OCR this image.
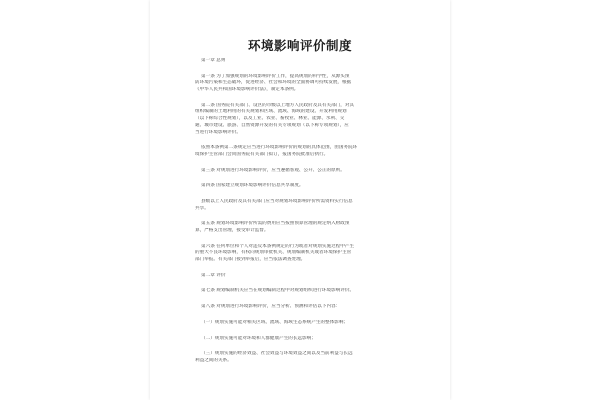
环境影响评价制度
第一章 总则
第一条 为了加强规划的环境影响评价工作，提高规划的科学性，从源头预
防环境污染和生态破坏，促进经济、社会和环境的全面协调可持续发展，根据
《中华人民共和国环境影响评价法》，制定本条例。
第二条 国务院有关部门、设区的市级以上地方人民政府及其有关部门，对其
组织编制的土地利用的有关规划和区域、流域、海域的建设、开发利用规划
（以下称综合性规划），以及工业、农业、畜牧业、林业、能源、水利、交
通、城市建设、旅游、自然资源开发的有关专项规划（以下称专项规划），应
当进行环境影响评价。
依照本条例第二条规定应当进行环境影响评价的规划的具体范围，由国务院环
境保护主管部门会同国务院有关部门拟订，报国务院批准后执行。
第三条 对规划进行环境影响评价，应当遵循客观、公开、公正的原则。
第四条 国家建立规划环境影响评价信息共享制度。
县级以上人民政府及其有关部门应当对规划环境影响评价所需资料实行信息
共享。
第五条 规划环境影响评价所需的费用应当按照预算管理的规定纳入财政预
算，严格支出管理，接受审计监督。
第六条 任何单位和个人对违反本条例规定的行为或者对规划实施过程中产生
的重大不良环境影响，有权向规划审批机关、规划编制机关或者环境保护主管
部门举报。有关部门接到举报后，应当依法调查处理。
第二章 评价
第七条 规划编制机关应当在规划编制过程中对规划组织进行环境影响评价。
第八条 对规划进行环境影响评价，应当分析、预测和评估以下内容：
（一）规划实施可能对相关区域、流域、海域生态系统产生的整体影响；
（二）规划实施可能对环境和人群健康产生的长远影响；
（三）规划实施的经济效益、社会效益与环境效益之间以及当前利益与长远
利益之间的关系。
